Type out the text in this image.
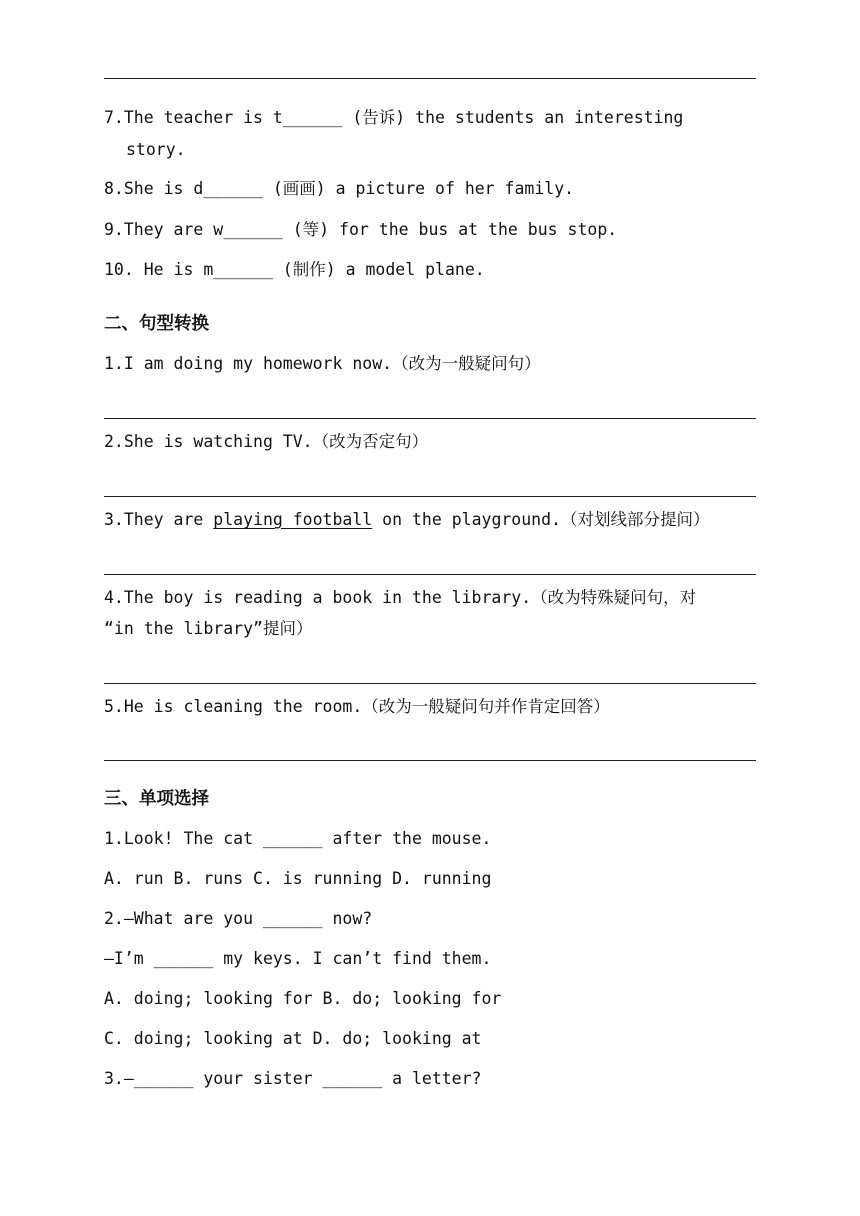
7.The teacher is t______ (告诉) the students an interesting
story.
8.She is d______ (画画) a picture of her family.
9.They are w______ (等) for the bus at the bus stop.
10. He is m______ (制作) a model plane.
二、句型转换
1.I am doing my homework now.（改为一般疑问句）
2.She is watching TV.（改为否定句）
3.They are playing football on the playground.（对划线部分提问）
4.The boy is reading a book in the library.（改为特殊疑问句，对
“in the library”提问）
5.He is cleaning the room.（改为一般疑问句并作肯定回答）
三、单项选择
1.Look! The cat ______ after the mouse.
A. run B. runs C. is running D. running
2.—What are you ______ now?
—I’m ______ my keys. I can’t find them.
A. doing; looking for B. do; looking for
C. doing; looking at D. do; looking at
3.—______ your sister ______ a letter?
